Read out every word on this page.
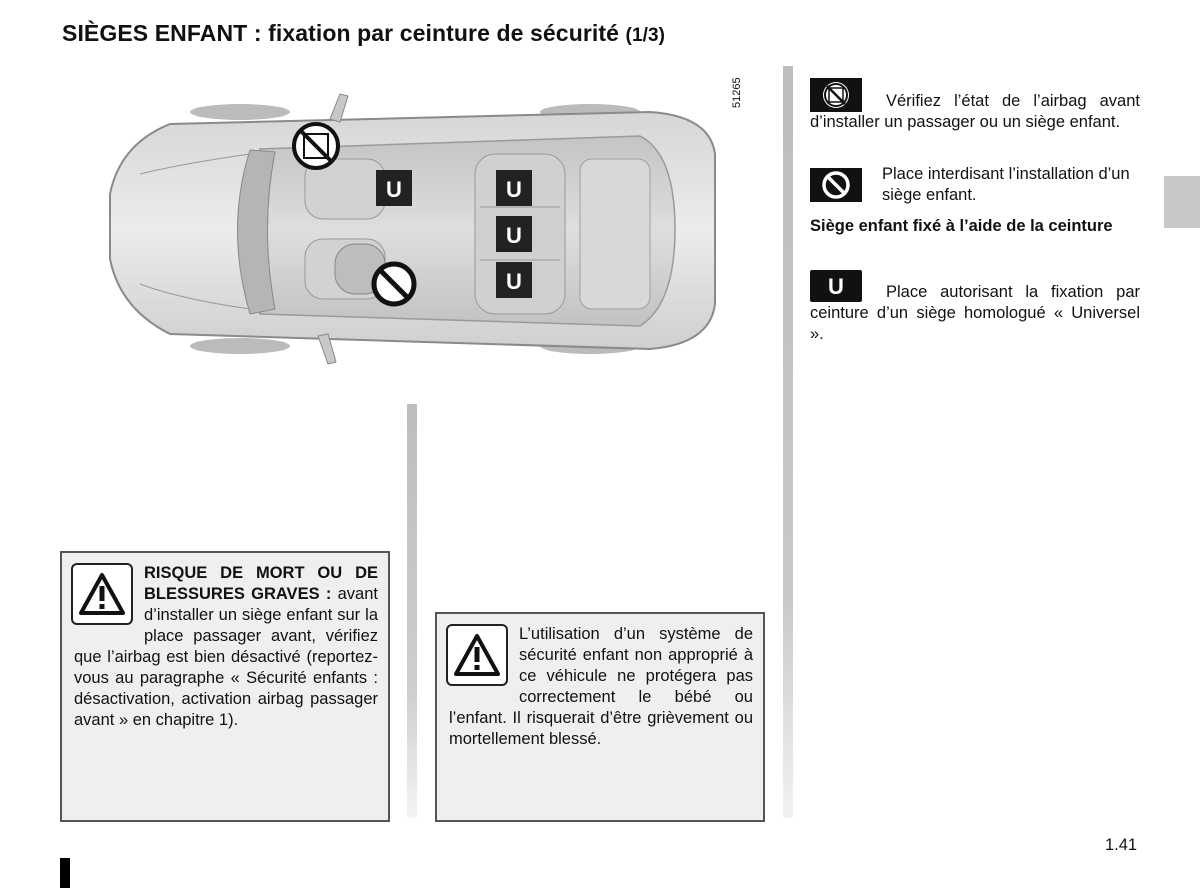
SIÈGES ENFANT : fixation par ceinture de sécurité (1/3)
U	U
U
U
51265	Vérifiez l’état de l’airbag avant d’installer un passager ou un siège enfant.
Place interdisant l’installation d’un siège enfant.
Siège enfant fixé à l’aide de la ceinture
U	Place autorisant la fixation par ceinture d’un siège homologué « Universel ».
RISQUE DE MORT OU DE BLESSURES GRAVES : avant d’installer un siège enfant sur la place passager avant, vérifiez que l’airbag est bien désactivé (reportez-vous au paragraphe « Sécurité enfants : désactivation, activation airbag passager avant » en chapitre 1).
L’utilisation d’un système de sécurité enfant non approprié à ce véhicule ne protégera pas correctement le bébé ou l’enfant. Il risquerait d’être grièvement ou mortellement blessé.
1.41
